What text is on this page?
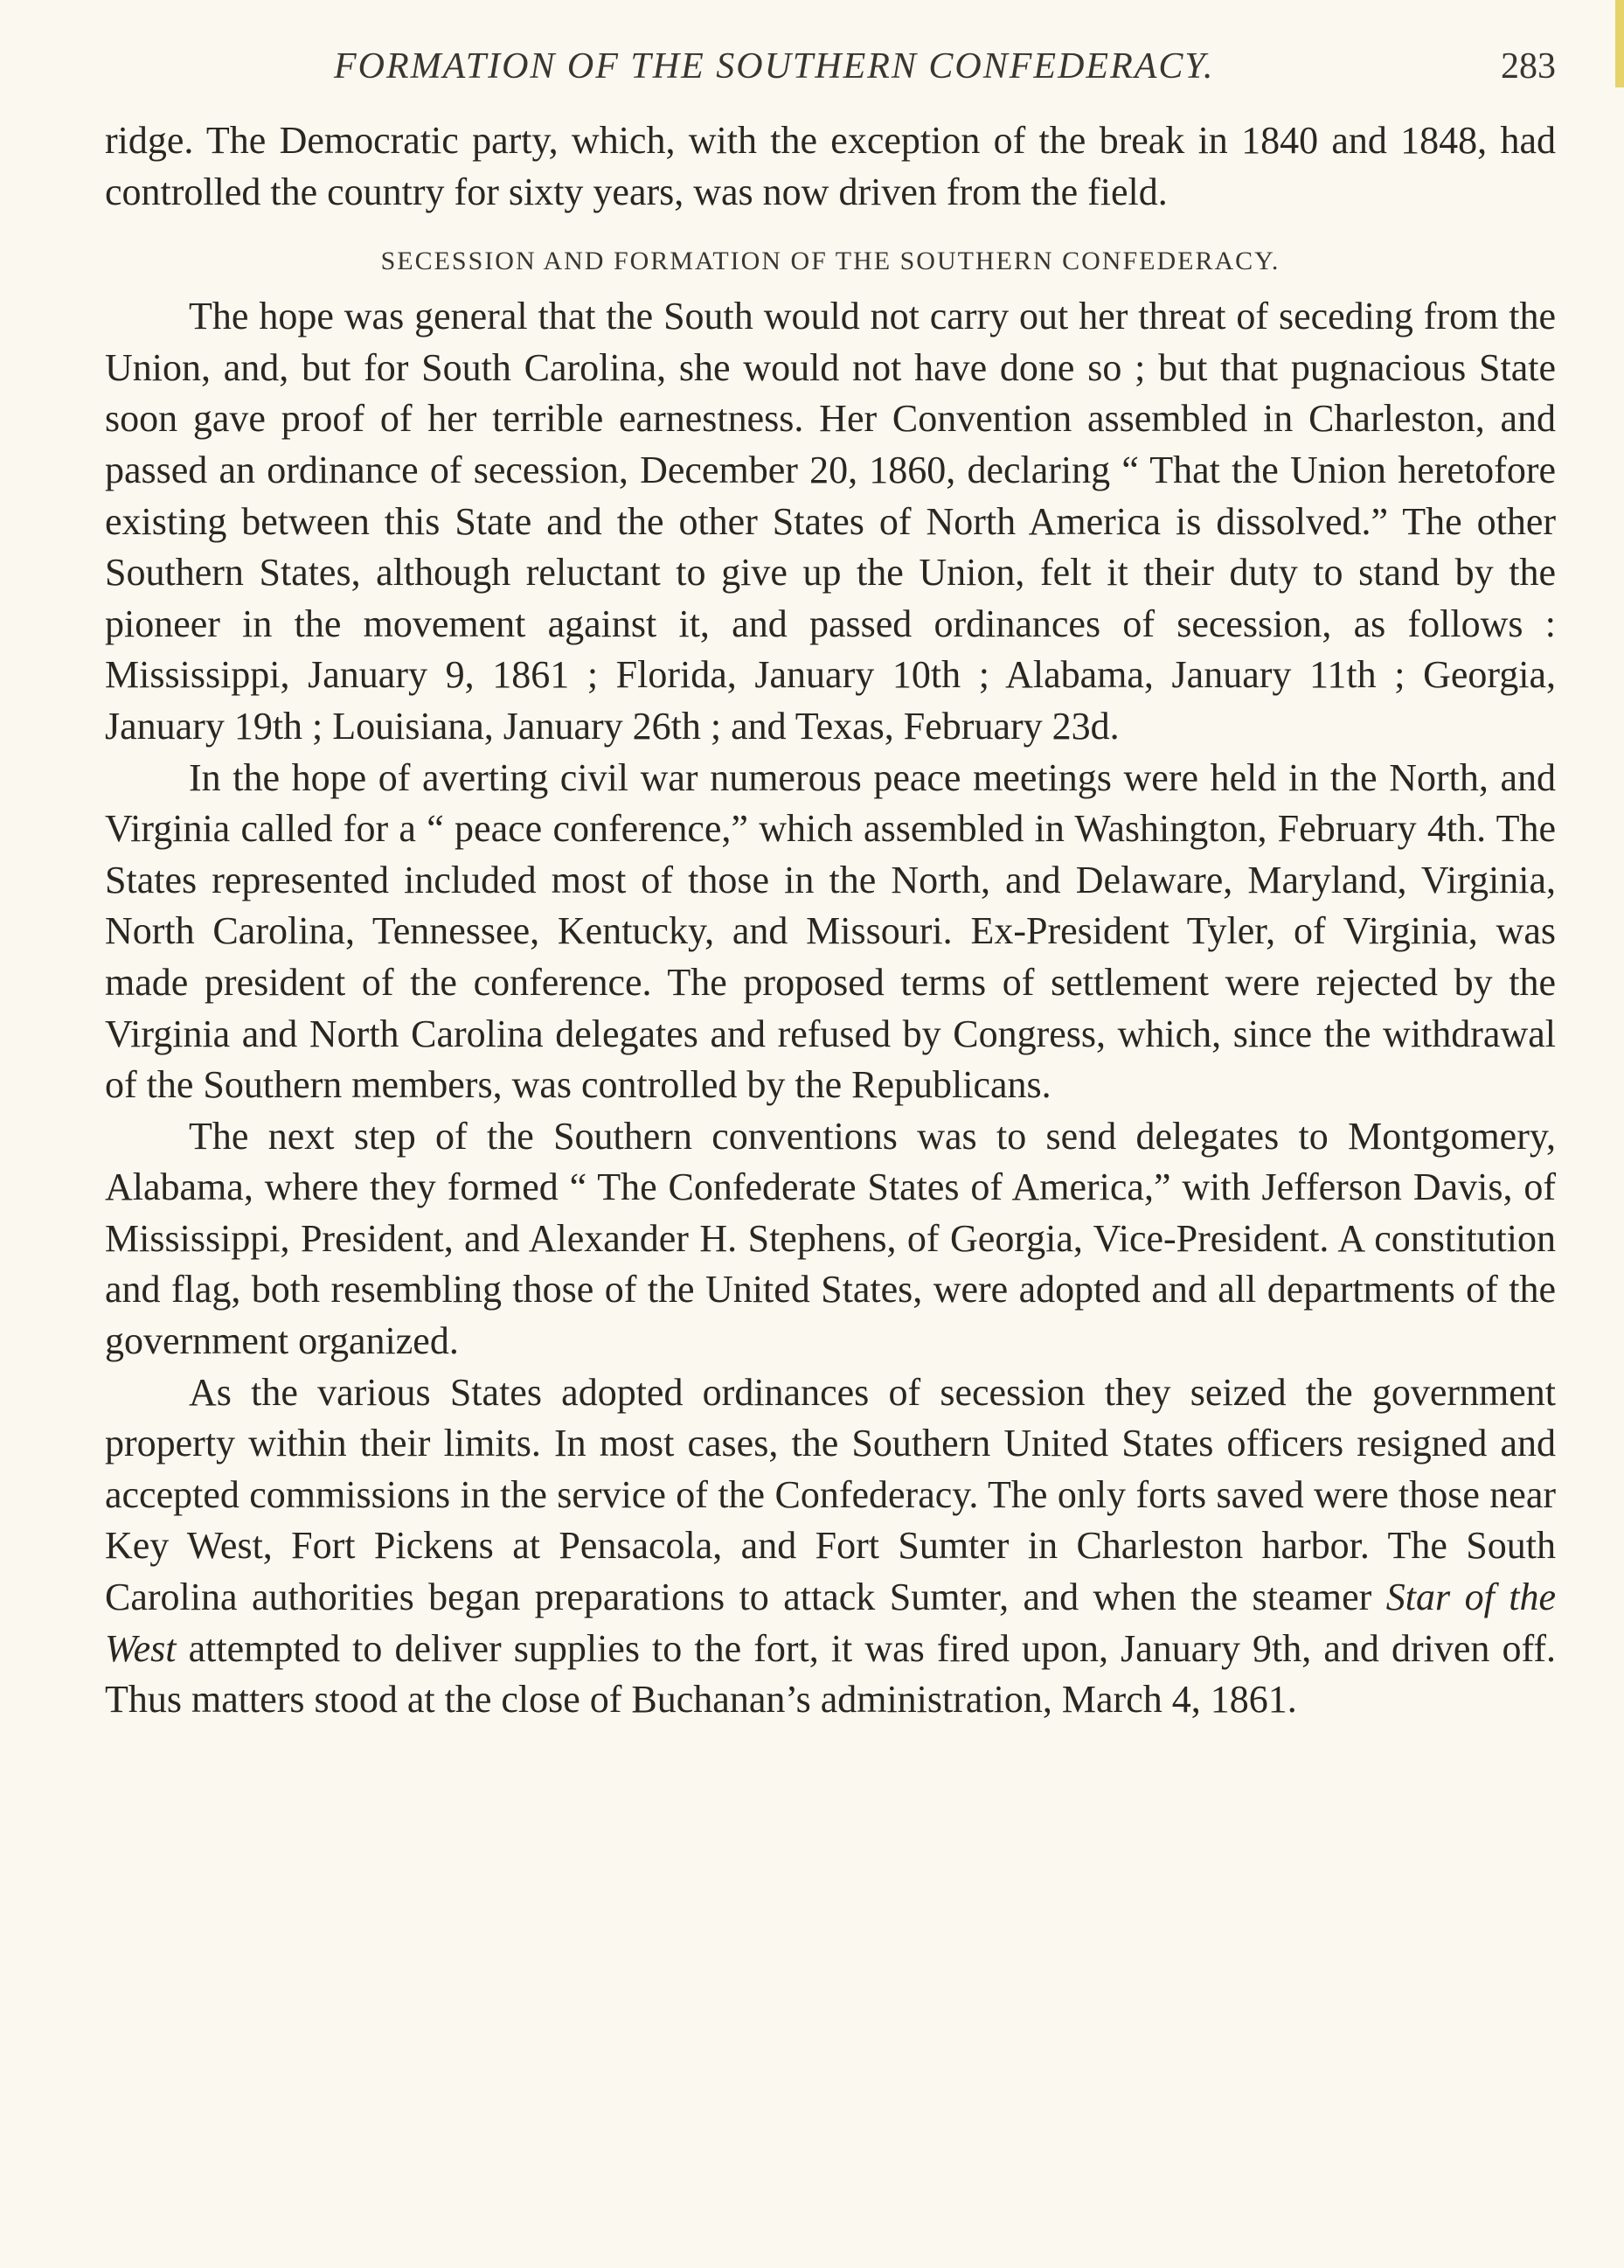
FORMATION OF THE SOUTHERN CONFEDERACY.	283

ridge. The Democratic party, which, with the exception of the break in 1840 and 1848, had controlled the country for sixty years, was now driven from the field.

SECESSION AND FORMATION OF THE SOUTHERN CONFEDERACY.

The hope was general that the South would not carry out her threat of seceding from the Union, and, but for South Carolina, she would not have done so ; but that pugnacious State soon gave proof of her terrible earnestness. Her Convention assembled in Charleston, and passed an ordinance of secession, December 20, 1860, declaring “ That the Union heretofore existing between this State and the other States of North America is dissolved.” The other Southern States, although reluctant to give up the Union, felt it their duty to stand by the pioneer in the movement against it, and passed ordinances of secession, as follows : Mississippi, January 9, 1861 ; Florida, January 10th ; Alabama, January 11th ; Georgia, January 19th ; Louisiana, January 26th ; and Texas, February 23d.

In the hope of averting civil war numerous peace meetings were held in the North, and Virginia called for a “ peace conference,” which assembled in Washington, February 4th. The States represented included most of those in the North, and Delaware, Maryland, Virginia, North Carolina, Tennessee, Kentucky, and Missouri. Ex-President Tyler, of Virginia, was made president of the conference. The proposed terms of settlement were rejected by the Virginia and North Carolina delegates and refused by Congress, which, since the withdrawal of the Southern members, was controlled by the Republicans.

The next step of the Southern conventions was to send delegates to Montgomery, Alabama, where they formed “ The Confederate States of America,” with Jefferson Davis, of Mississippi, President, and Alexander H. Stephens, of Georgia, Vice-President. A constitution and flag, both resembling those of the United States, were adopted and all departments of the government organized.

As the various States adopted ordinances of secession they seized the government property within their limits. In most cases, the Southern United States officers resigned and accepted commissions in the service of the Confederacy. The only forts saved were those near Key West, Fort Pickens at Pensacola, and Fort Sumter in Charleston harbor. The South Carolina authorities began preparations to attack Sumter, and when the steamer Star of the West attempted to deliver supplies to the fort, it was fired upon, January 9th, and driven off. Thus matters stood at the close of Buchanan’s administration, March 4, 1861.
